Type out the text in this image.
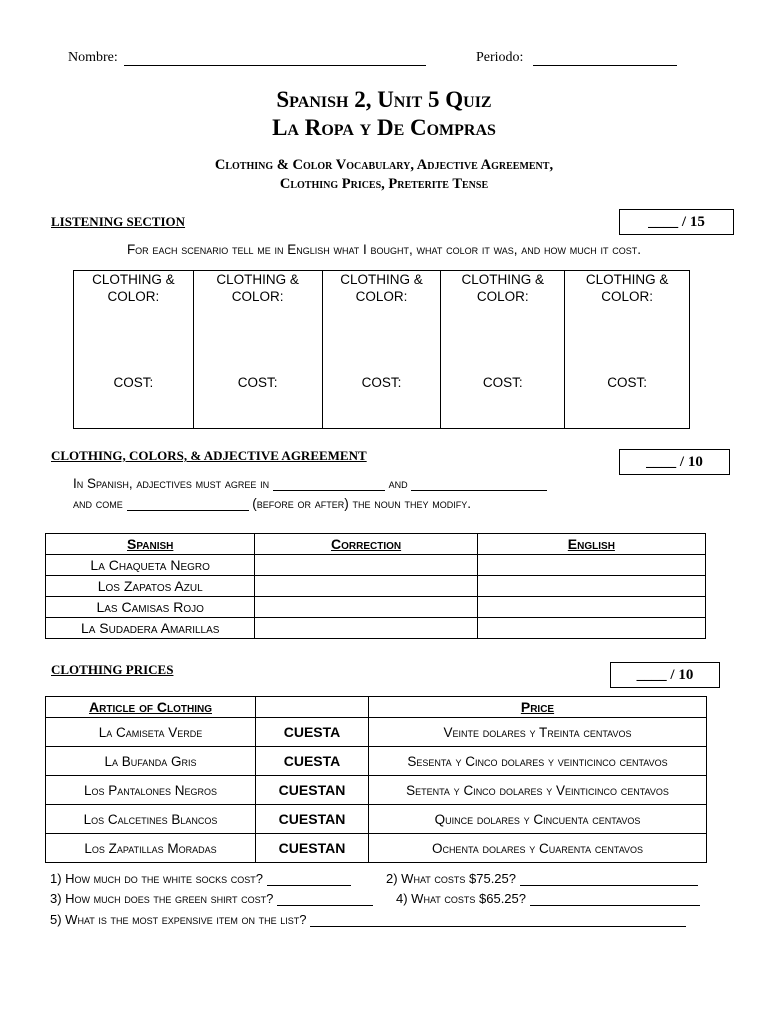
Nombre:	Periodo:
Spanish 2, Unit 5 Quiz
La Ropa y De Compras
Clothing & Color Vocabulary, Adjective Agreement,
Clothing Prices, Preterite Tense
LISTENING SECTION	____ / 15
For each scenario tell me in English what I bought, what color it was, and how much it cost.
CLOTHING & COLOR:
COST:

CLOTHING & COLOR:
COST:

CLOTHING & COLOR:
COST:

CLOTHING & COLOR:
COST:

CLOTHING & COLOR:
COST:
CLOTHING, COLORS, & ADJECTIVE AGREEMENT	____ / 10
In Spanish, adjectives must agree in	and
and come	(before or after) the noun they modify.
Spanish	Correction	English
La Chaqueta Negro		
Los Zapatos Azul		
Las Camisas Rojo		
La Sudadera Amarillas		
CLOTHING PRICES	____ / 10
Article of Clothing		Price
La Camiseta Verde	CUESTA	Veinte dolares y Treinta centavos
La Bufanda Gris	CUESTA	Sesenta y Cinco dolares y veinticinco centavos
Los Pantalones Negros	CUESTAN	Setenta y Cinco dolares y Veinticinco centavos
Los Calcetines Blancos	CUESTAN	Quince dolares y Cincuenta centavos
Los Zapatillas Moradas	CUESTAN	Ochenta dolares y Cuarenta centavos
1) How much do the white socks cost?	2) What costs $75.25?
3) How much does the green shirt cost?	4) What costs $65.25?
5) What is the most expensive item on the list?
